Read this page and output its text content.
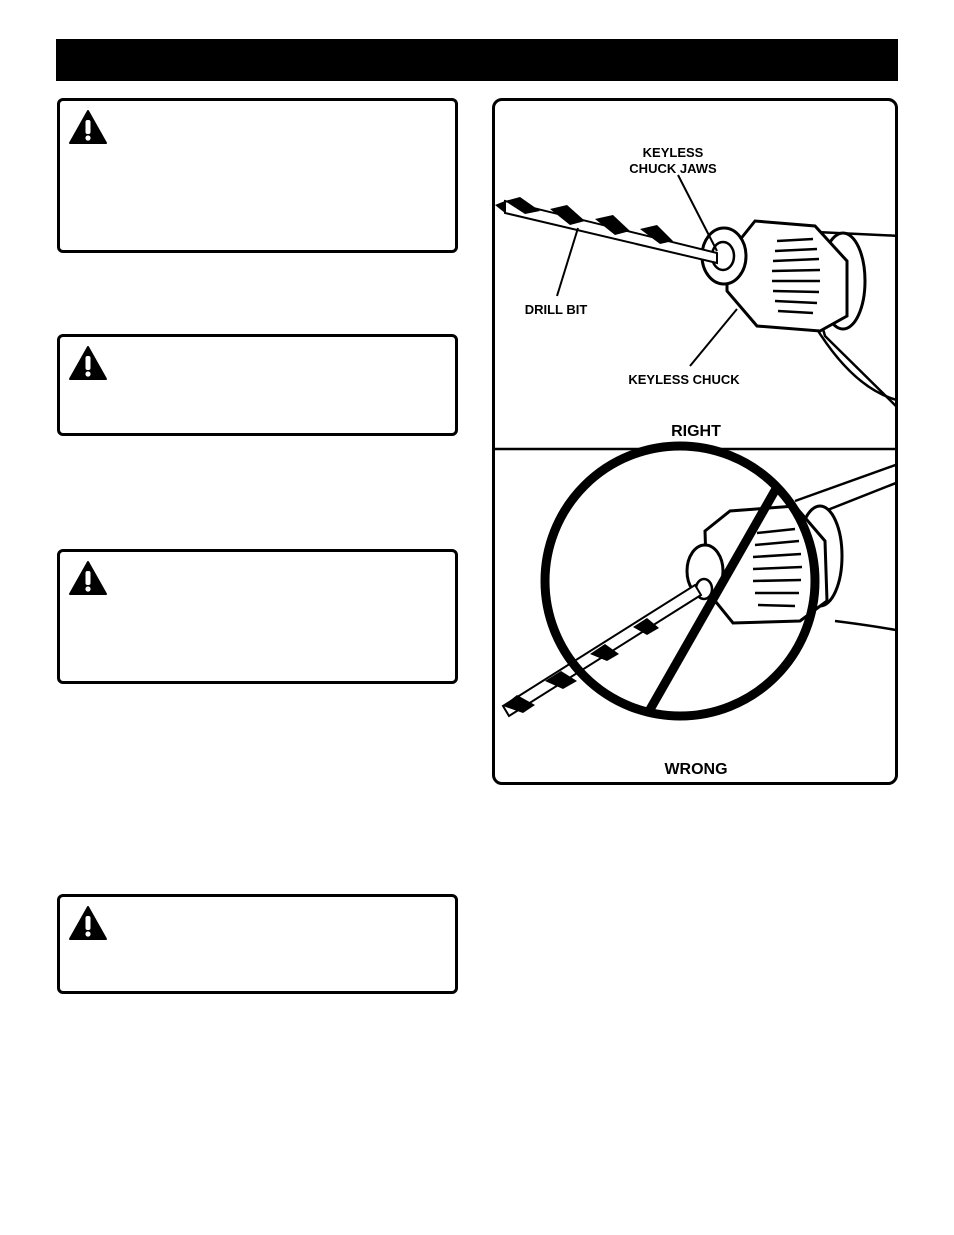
KEYLESS
CHUCK JAWS
DRILL BIT
KEYLESS CHUCK
RIGHT
WRONG
